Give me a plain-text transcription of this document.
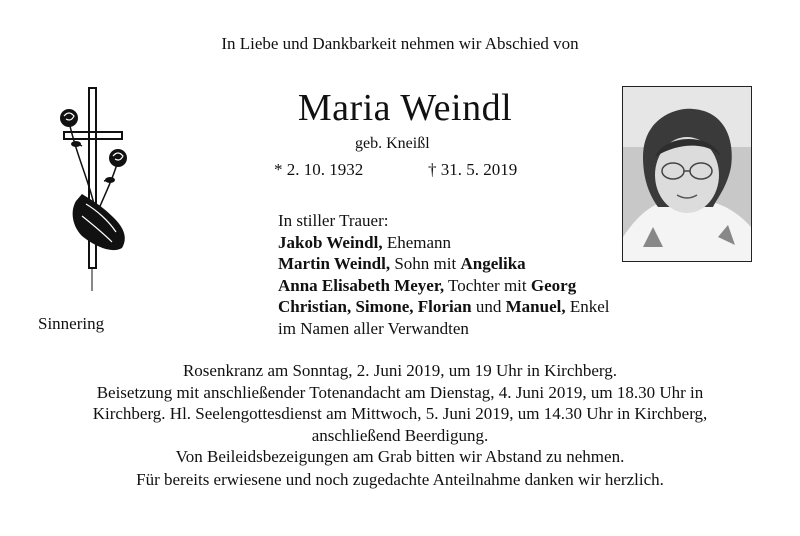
In Liebe und Dankbarkeit nehmen wir Abschied von
Maria Weindl
geb. Kneißl
* 2. 10. 1932	† 31. 5. 2019
In stiller Trauer:
Jakob Weindl, Ehemann
Martin Weindl, Sohn mit Angelika
Anna Elisabeth Meyer, Tochter mit Georg
Christian, Simone, Florian und Manuel, Enkel
im Namen aller Verwandten
Sinnering
Rosenkranz am Sonntag, 2. Juni 2019, um 19 Uhr in Kirchberg.
Beisetzung mit anschließender Totenandacht am Dienstag, 4. Juni 2019, um 18.30 Uhr in
Kirchberg. Hl. Seelengottesdienst am Mittwoch, 5. Juni 2019, um 14.30 Uhr in Kirchberg,
anschließend Beerdigung.
Von Beileidsbezeigungen am Grab bitten wir Abstand zu nehmen.
Für bereits erwiesene und noch zugedachte Anteilnahme danken wir herzlich.
